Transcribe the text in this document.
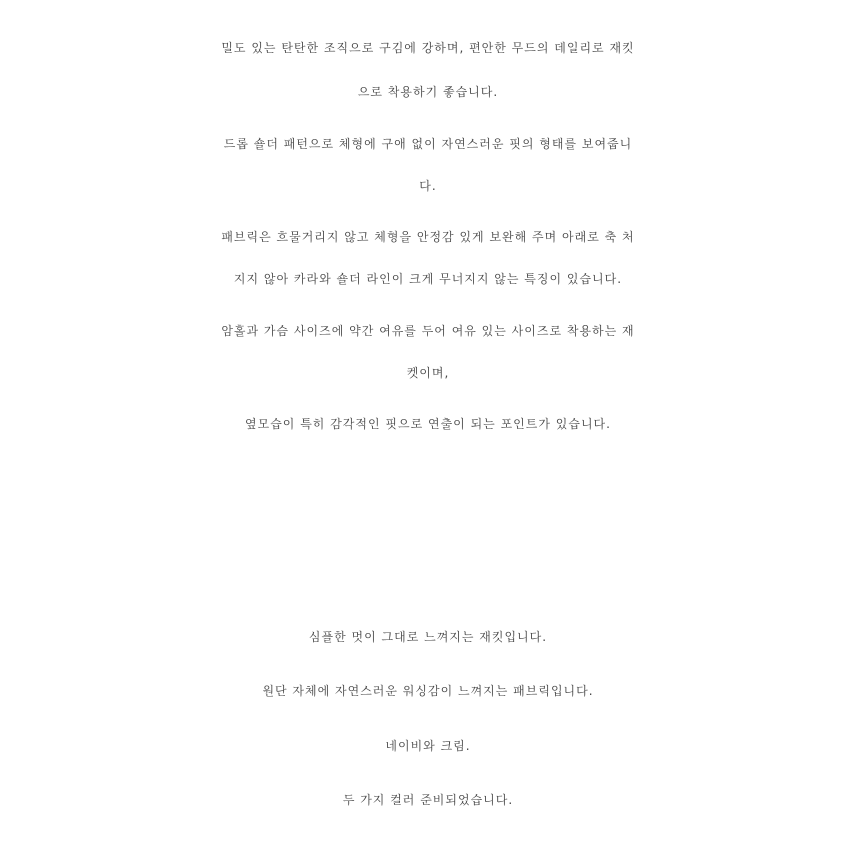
밀도 있는 탄탄한 조직으로 구김에 강하며, 편안한 무드의 데일리로 재킷
으로 착용하기 좋습니다.
드롭 숄더 패턴으로 체형에 구애 없이 자연스러운 핏의 형태를 보여줍니
다.
패브릭은 흐물거리지 않고 체형을 안정감 있게 보완해 주며 아래로 축 처
지지 않아 카라와 숄더 라인이 크게 무너지지 않는 특징이 있습니다.
암홀과 가슴 사이즈에 약간 여유를 두어 여유 있는 사이즈로 착용하는 재
켓이며,
옆모습이 특히 감각적인 핏으로 연출이 되는 포인트가 있습니다.
심플한 멋이 그대로 느껴지는 재킷입니다.
원단 자체에 자연스러운 워싱감이 느껴지는 패브릭입니다.
네이비와 크림.
두 가지 컬러 준비되었습니다.
